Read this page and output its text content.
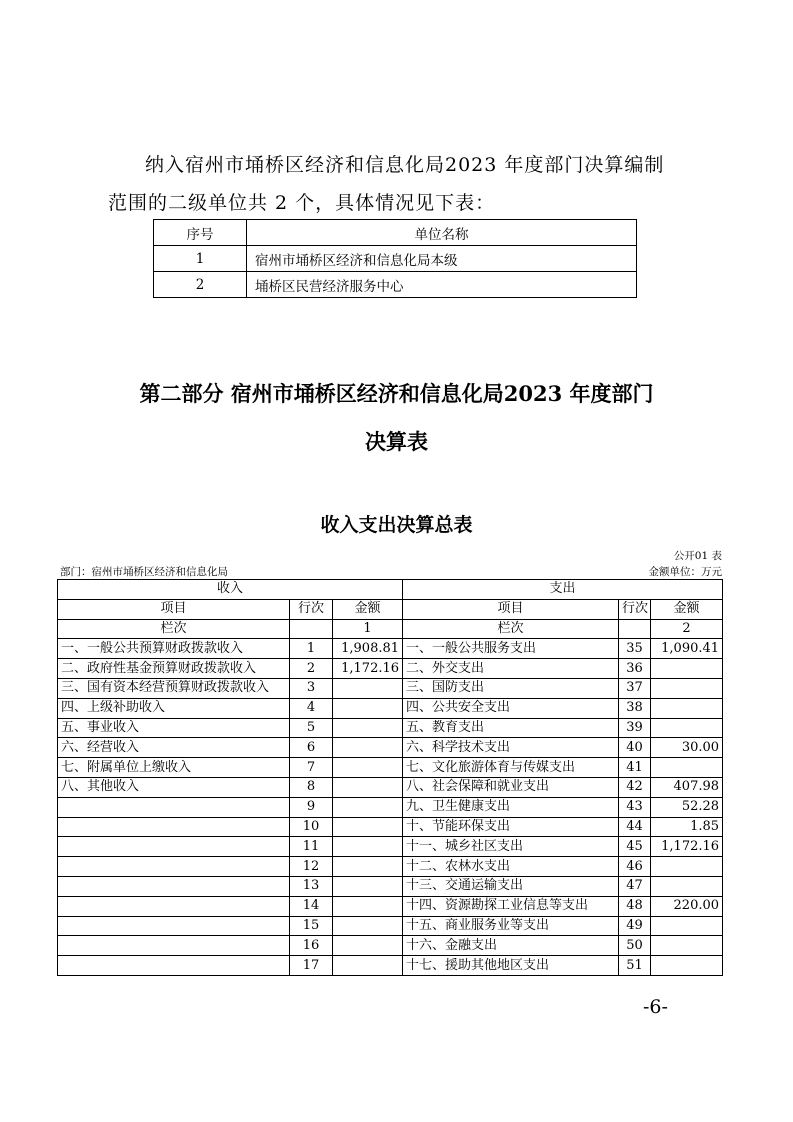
纳入宿州市埇桥区经济和信息化局2023 年度部门决算编制
范围的二级单位共 2 个，具体情况见下表：
序号	单位名称
1	宿州市埇桥区经济和信息化局本级
2	埇桥区民营经济服务中心
第二部分 宿州市埇桥区经济和信息化局2023 年度部门
决算表
收入支出决算总表
公开01 表
部门：宿州市埇桥区经济和信息化局	金额单位：万元
收入			支出		
项目	行次	金额	项目	行次	金额
栏次		1	栏次		2
一、一般公共预算财政拨款收入	1	1,908.81	一、一般公共服务支出	35	1,090.41
二、政府性基金预算财政拨款收入	2	1,172.16	二、外交支出	36	
三、国有资本经营预算财政拨款收入	3		三、国防支出	37	
四、上级补助收入	4		四、公共安全支出	38	
五、事业收入	5		五、教育支出	39	
六、经营收入	6		六、科学技术支出	40	30.00
七、附属单位上缴收入	7		七、文化旅游体育与传媒支出	41	
八、其他收入	8		八、社会保障和就业支出	42	407.98
	9		九、卫生健康支出	43	52.28
	10		十、节能环保支出	44	1.85
	11		十一、城乡社区支出	45	1,172.16
	12		十二、农林水支出	46	
	13		十三、交通运输支出	47	
	14		十四、资源勘探工业信息等支出	48	220.00
	15		十五、商业服务业等支出	49	
	16		十六、金融支出	50	
	17		十七、援助其他地区支出	51	
-6-
